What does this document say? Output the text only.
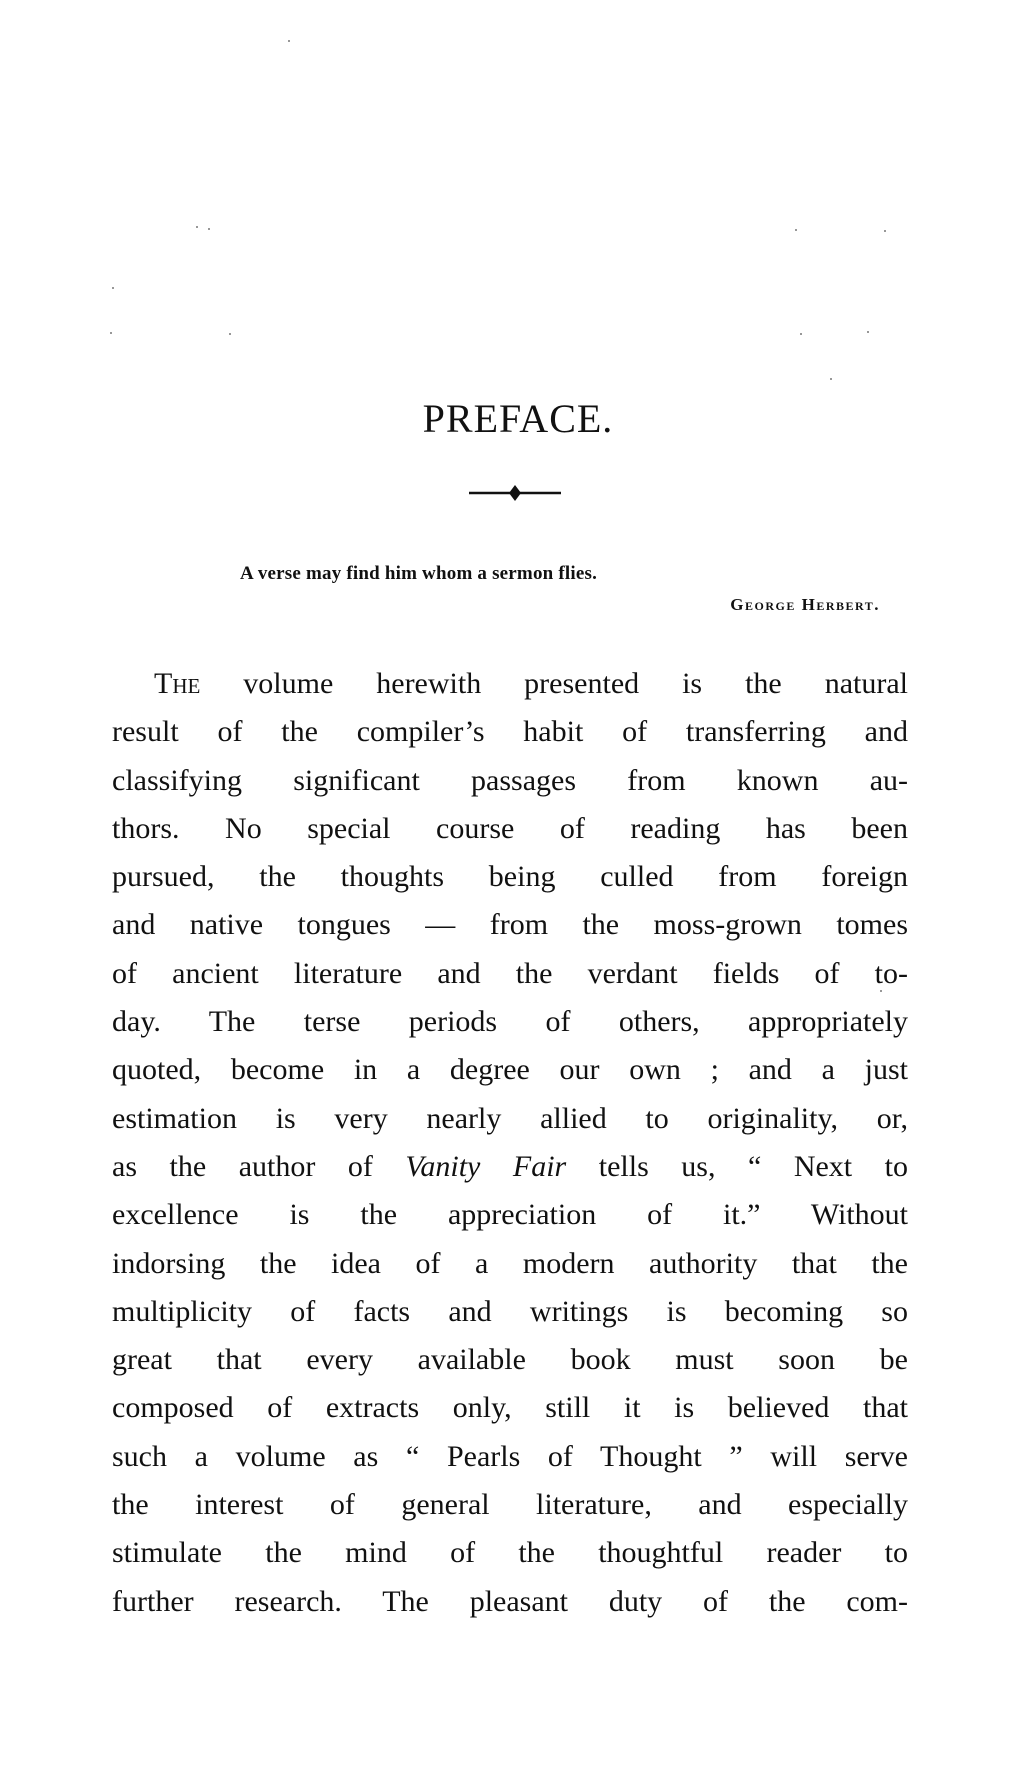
PREFACE.
A verse may find him whom a sermon flies.
George Herbert.
The volume herewith presented is the natural
result of the compiler’s habit of transferring and
classifying significant passages from known au-
thors. No special course of reading has been
pursued, the thoughts being culled from foreign
and native tongues — from the moss-grown tomes
of ancient literature and the verdant fields of to-
day. The terse periods of others, appropriately
quoted, become in a degree our own ; and a just
estimation is very nearly allied to originality, or,
as the author of Vanity Fair tells us, “ Next to
excellence is the appreciation of it.” Without
indorsing the idea of a modern authority that the
multiplicity of facts and writings is becoming so
great that every available book must soon be
composed of extracts only, still it is believed that
such a volume as “ Pearls of Thought ” will serve
the interest of general literature, and especially
stimulate the mind of the thoughtful reader to
further research. The pleasant duty of the com-
